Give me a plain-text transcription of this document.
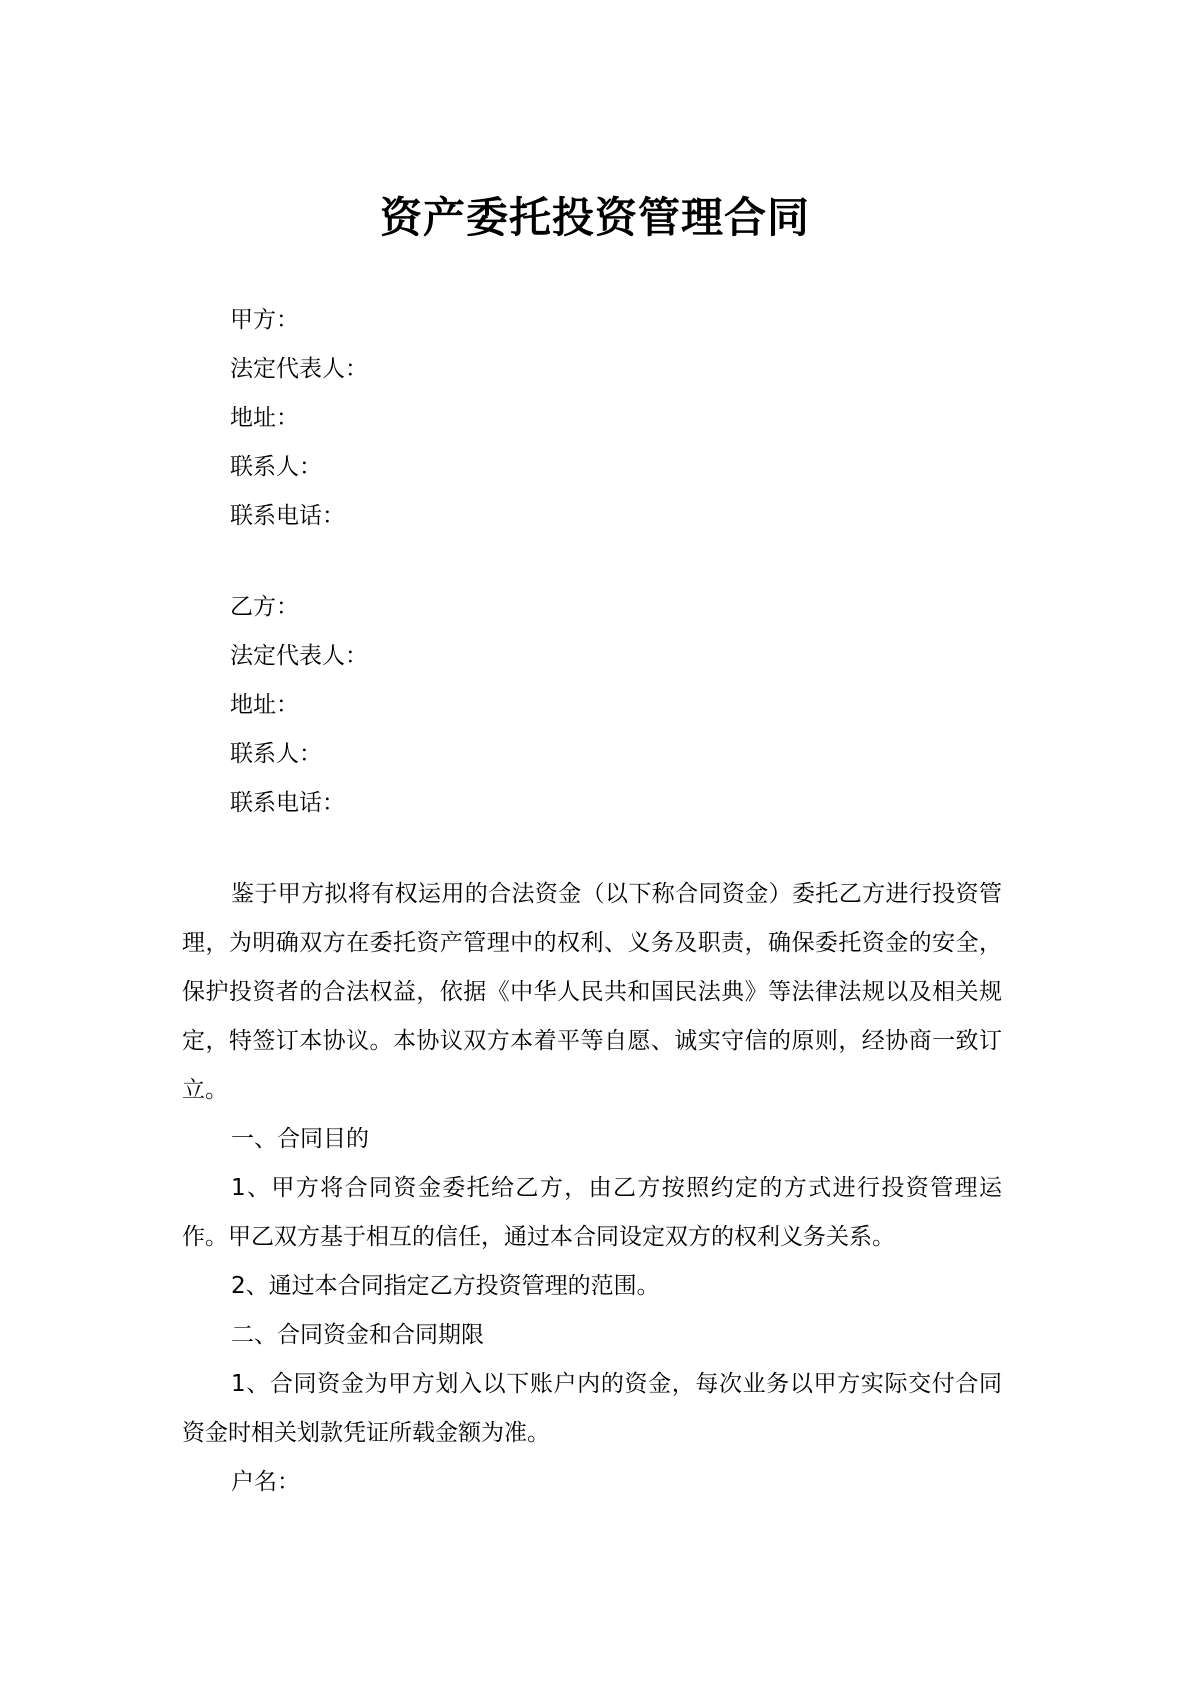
资产委托投资管理合同
甲方：
法定代表人：
地址：
联系人：
联系电话：
乙方：
法定代表人：
地址：
联系人：
联系电话：

鉴于甲方拟将有权运用的合法资金（以下称合同资金）委托乙方进行投资管理，为明确双方在委托资产管理中的权利、义务及职责，确保委托资金的安全，保护投资者的合法权益，依据《中华人民共和国民法典》等法律法规以及相关规定，特签订本协议。本协议双方本着平等自愿、诚实守信的原则，经协商一致订立。

一、合同目的

1、甲方将合同资金委托给乙方，由乙方按照约定的方式进行投资管理运作。甲乙双方基于相互的信任，通过本合同设定双方的权利义务关系。

2、通过本合同指定乙方投资管理的范围。

二、合同资金和合同期限

1、合同资金为甲方划入以下账户内的资金，每次业务以甲方实际交付合同资金时相关划款凭证所载金额为准。

户名：
